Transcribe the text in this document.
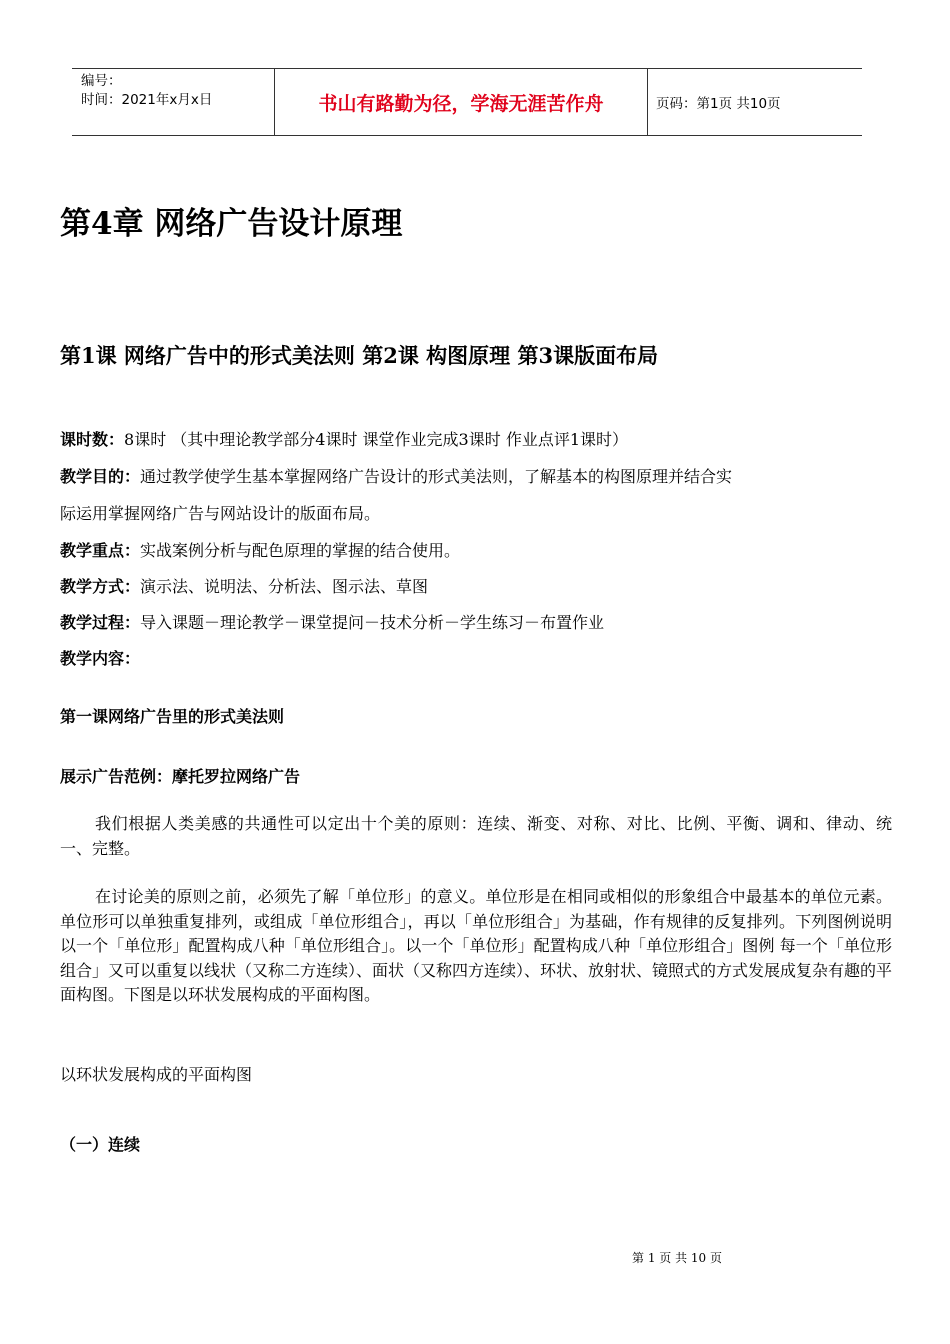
编号：
时间：2021年x月x日	书山有路勤为径，学海无涯苦作舟	页码：第1页 共10页
第4章 网络广告设计原理
第1课 网络广告中的形式美法则 第2课 构图原理 第3课版面布局
课时数：8课时 （其中理论教学部分4课时 课堂作业完成3课时 作业点评1课时）
教学目的：通过教学使学生基本掌握网络广告设计的形式美法则，了解基本的构图原理并结合实
际运用掌握网络广告与网站设计的版面布局。
教学重点：实战案例分析与配色原理的掌握的结合使用。
教学方式：演示法、说明法、分析法、图示法、草图
教学过程：导入课题－理论教学－课堂提问－技术分析－学生练习－布置作业
教学内容：
第一课网络广告里的形式美法则
展示广告范例：摩托罗拉网络广告
我们根据人类美感的共通性可以定出十个美的原则：连续、渐变、对称、对比、比例、平衡、调和、律动、统一、完整。
在讨论美的原则之前，必须先了解「单位形」的意义。单位形是在相同或相似的形象组合中最基本的单位元素。单位形可以单独重复排列，或组成「单位形组合」，再以「单位形组合」为基础，作有规律的反复排列。下列图例说明以一个「单位形」配置构成八种「单位形组合」。以一个「单位形」配置构成八种「单位形组合」图例 每一个「单位形组合」又可以重复以线状（又称二方连续）、面状（又称四方连续）、环状、放射状、镜照式的方式发展成复杂有趣的平面构图。下图是以环状发展构成的平面构图。
以环状发展构成的平面构图
（一）连续
第 1 页 共 10 页
